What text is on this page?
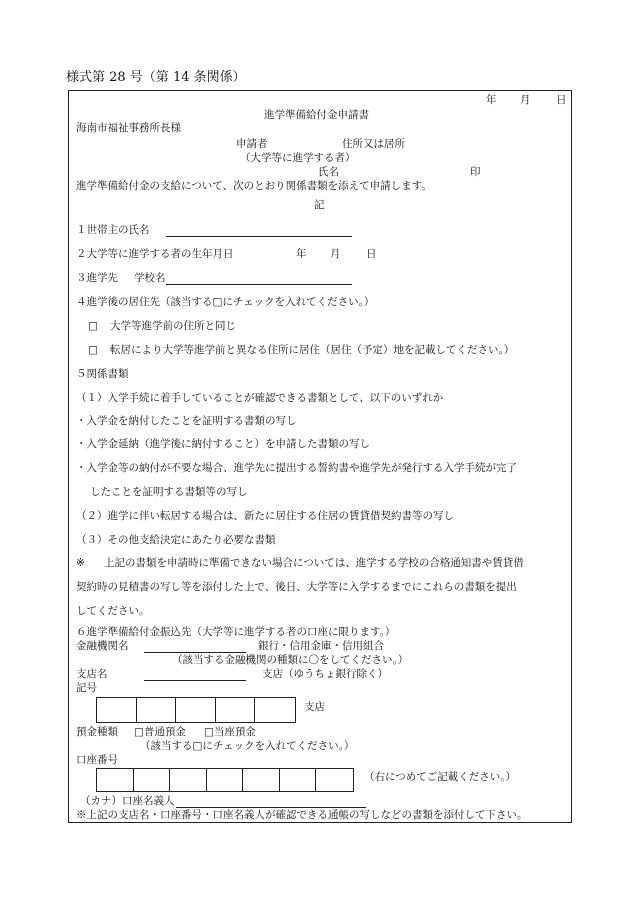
様式第 28 号（第 14 条関係）
年 月 日
進学準備給付金申請書
海南市福祉事務所長様
申請者	住所又は居所
（大学等に進学する者）
氏名	印
進学準備給付金の支給について、次のとおり関係書類を添えて申請します。
記
１世帯主の氏名
２大学等に進学する者の生年月日	年 月 日
３進学先 学校名
４進学後の居住先（該当する□にチェックを入れてください。）
□ 大学等進学前の住所と同じ
□ 転居により大学等進学前と異なる住所に居住（居住（予定）地を記載してください。）
５関係書類
（１）入学手続に着手していることが確認できる書類として、以下のいずれか
・入学金を納付したことを証明する書類の写し
・入学金延納（進学後に納付すること）を申請した書類の写し
・入学金等の納付が不要な場合、進学先に提出する誓約書や進学先が発行する入学手続が完了
したことを証明する書類等の写し
（２）進学に伴い転居する場合は、新たに居住する住居の賃貸借契約書等の写し
（３）その他支給決定にあたり必要な書類
※ 上記の書類を申請時に準備できない場合については、進学する学校の合格通知書や賃貸借
契約時の見積書の写し等を添付した上で、後日、大学等に入学するまでにこれらの書類を提出
してください。
６進学準備給付金振込先（大学等に進学する者の口座に限ります。）
金融機関名	銀行・信用金庫・信用組合
（該当する金融機関の種類に〇をしてください。）
支店名	支店（ゆうちょ銀行除く）
記号
支店
預金種類 □普通預金 □当座預金
（該当する□にチェックを入れてください。）
口座番号
（右につめてご記載ください。）
（カナ）口座名義人
※上記の支店名・口座番号・口座名義人が確認できる通帳の写しなどの書類を添付して下さい。
